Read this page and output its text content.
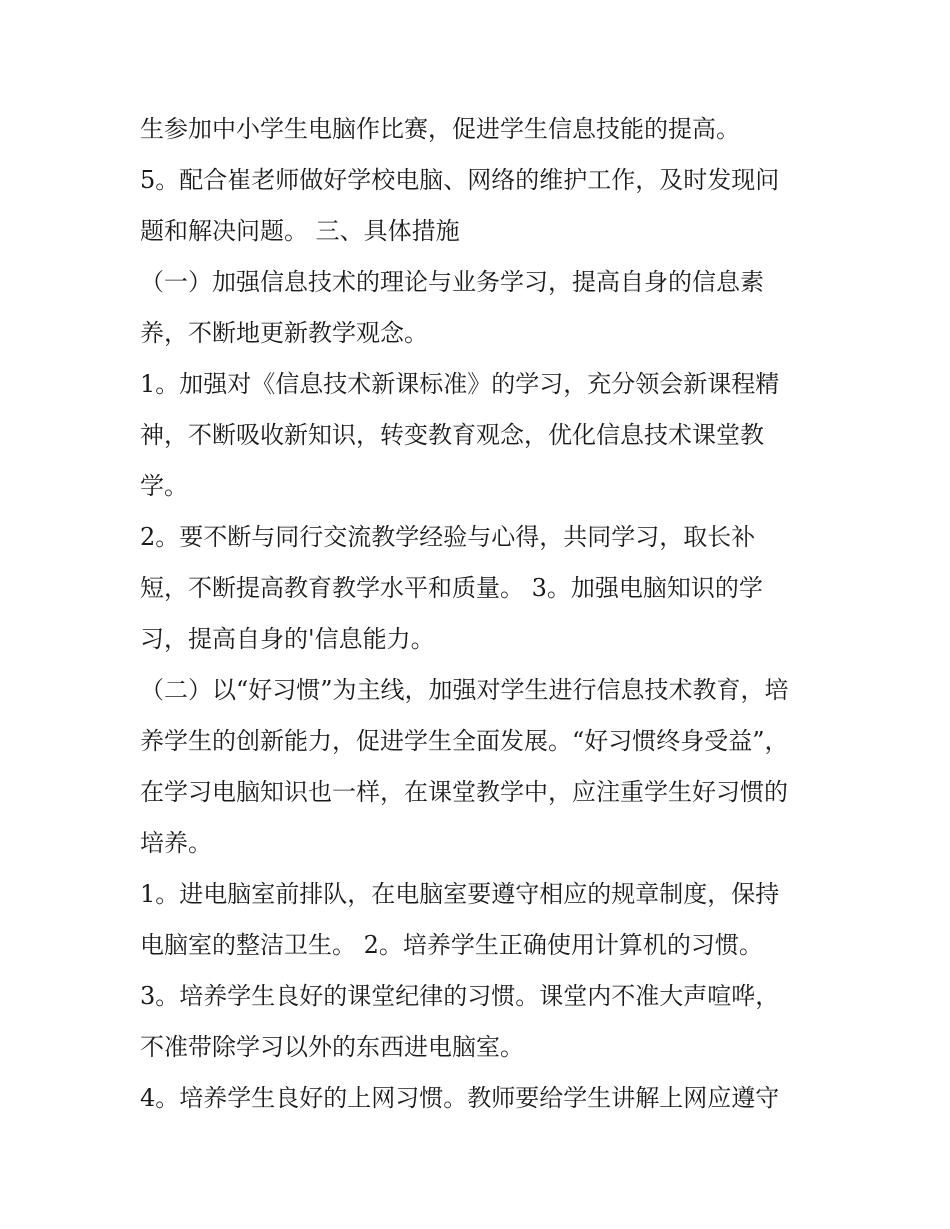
生参加中小学生电脑作比赛，促进学生信息技能的提高。
5。配合崔老师做好学校电脑、网络的维护工作，及时发现问
题和解决问题。 三、具体措施
（一）加强信息技术的理论与业务学习，提高自身的信息素
养，不断地更新教学观念。
1。加强对《信息技术新课标准》的学习，充分领会新课程精
神，不断吸收新知识，转变教育观念，优化信息技术课堂教
学。
2。要不断与同行交流教学经验与心得，共同学习，取长补
短，不断提高教育教学水平和质量。 3。加强电脑知识的学
习，提高自身的'信息能力。
（二）以“好习惯”为主线，加强对学生进行信息技术教育，培
养学生的创新能力，促进学生全面发展。“好习惯终身受益”，
在学习电脑知识也一样，在课堂教学中，应注重学生好习惯的
培养。
1。进电脑室前排队，在电脑室要遵守相应的规章制度，保持
电脑室的整洁卫生。 2。培养学生正确使用计算机的习惯。
3。培养学生良好的课堂纪律的习惯。课堂内不准大声喧哗，
不准带除学习以外的东西进电脑室。
4。培养学生良好的上网习惯。教师要给学生讲解上网应遵守
